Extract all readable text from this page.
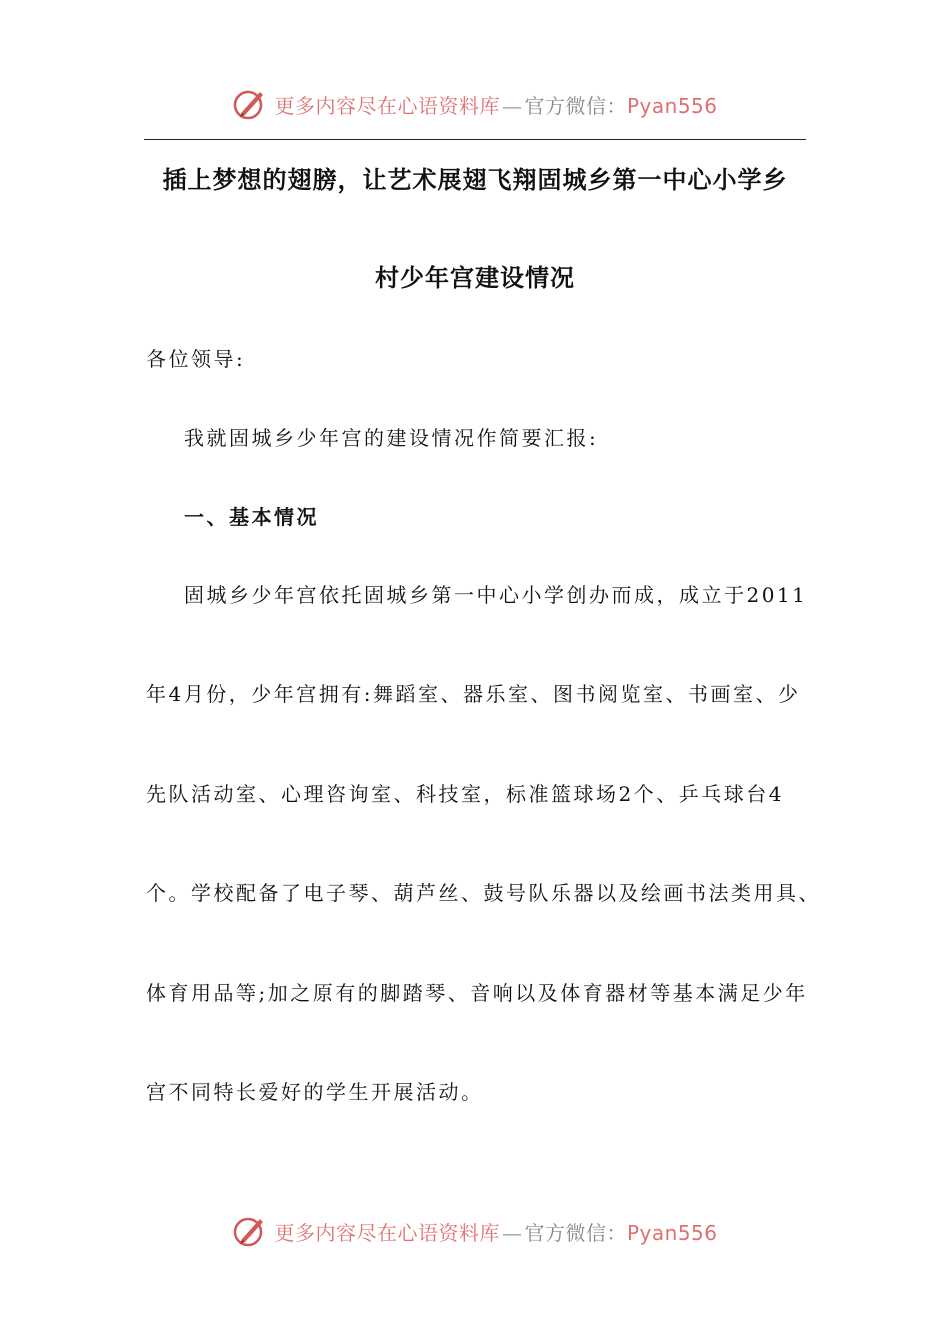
更多内容尽在心语资料库 — 官方微信：Pyan556
插上梦想的翅膀，让艺术展翅飞翔固城乡第一中心小学乡
村少年宫建设情况
各位领导:
我就固城乡少年宫的建设情况作简要汇报:
一、基本情况
固城乡少年宫依托固城乡第一中心小学创办而成，成立于2011
年4月份，少年宫拥有:舞蹈室、器乐室、图书阅览室、书画室、少
先队活动室、心理咨询室、科技室，标准篮球场2个、乒乓球台4
个。学校配备了电子琴、葫芦丝、鼓号队乐器以及绘画书法类用具、
体育用品等;加之原有的脚踏琴、音响以及体育器材等基本满足少年
宫不同特长爱好的学生开展活动。
更多内容尽在心语资料库 — 官方微信：Pyan556
